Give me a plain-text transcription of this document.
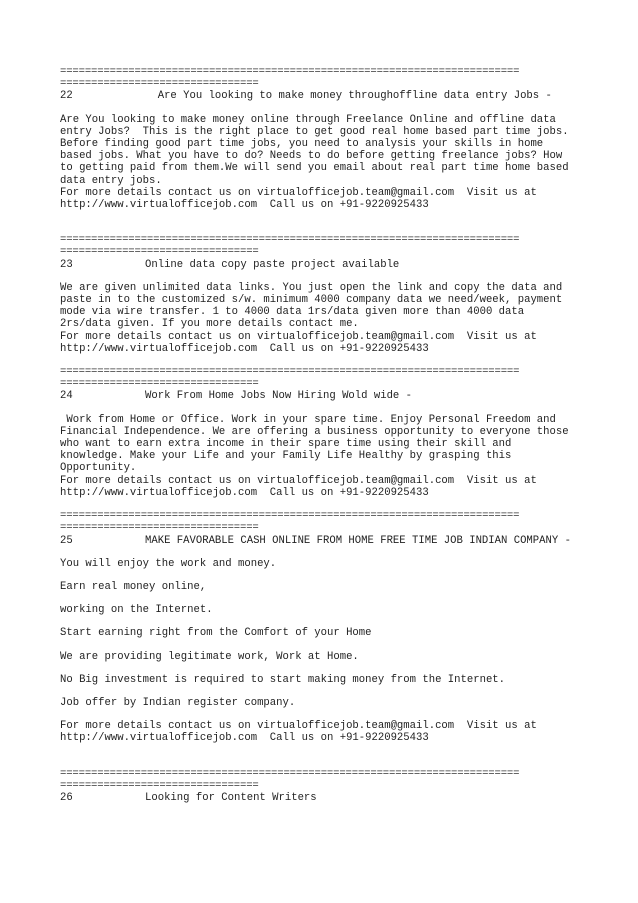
==========================================================================
================================
22	Are You looking to make money throughoffline data entry Jobs -

Are You looking to make money online through Freelance Online and offline data
entry Jobs?  This is the right place to get good real home based part time jobs.
Before finding good part time jobs, you need to analysis your skills in home
based jobs. What you have to do? Needs to do before getting freelance jobs? How
to getting paid from them.We will send you email about real part time home based
data entry jobs.

For more details contact us on virtualofficejob.team@gmail.com  Visit us at

http://www.virtualofficejob.com  Call us on +91-9220925433

==========================================================================
================================
23	Online data copy paste project available

We are given unlimited data links. You just open the link and copy the data and
paste in to the customized s/w. minimum 4000 company data we need/week, payment
mode via wire transfer. 1 to 4000 data 1rs/data given more than 4000 data
2rs/data given. If you more details contact me.

For more details contact us on virtualofficejob.team@gmail.com  Visit us at

http://www.virtualofficejob.com  Call us on +91-9220925433

==========================================================================
================================
24	Work From Home Jobs Now Hiring Wold wide -

Work from Home or Office. Work in your spare time. Enjoy Personal Freedom and
Financial Independence. We are offering a business opportunity to everyone those
who want to earn extra income in their spare time using their skill and
knowledge. Make your Life and your Family Life Healthy by grasping this
Opportunity.

For more details contact us on virtualofficejob.team@gmail.com  Visit us at

http://www.virtualofficejob.com  Call us on +91-9220925433

==========================================================================
================================
25	MAKE FAVORABLE CASH ONLINE FROM HOME FREE TIME JOB INDIAN COMPANY -

You will enjoy the work and money.

Earn real money online,

working on the Internet.

Start earning right from the Comfort of your Home

We are providing legitimate work, Work at Home.

No Big investment is required to start making money from the Internet.

Job offer by Indian register company.

For more details contact us on virtualofficejob.team@gmail.com  Visit us at

http://www.virtualofficejob.com  Call us on +91-9220925433

==========================================================================
================================
26	Looking for Content Writers
